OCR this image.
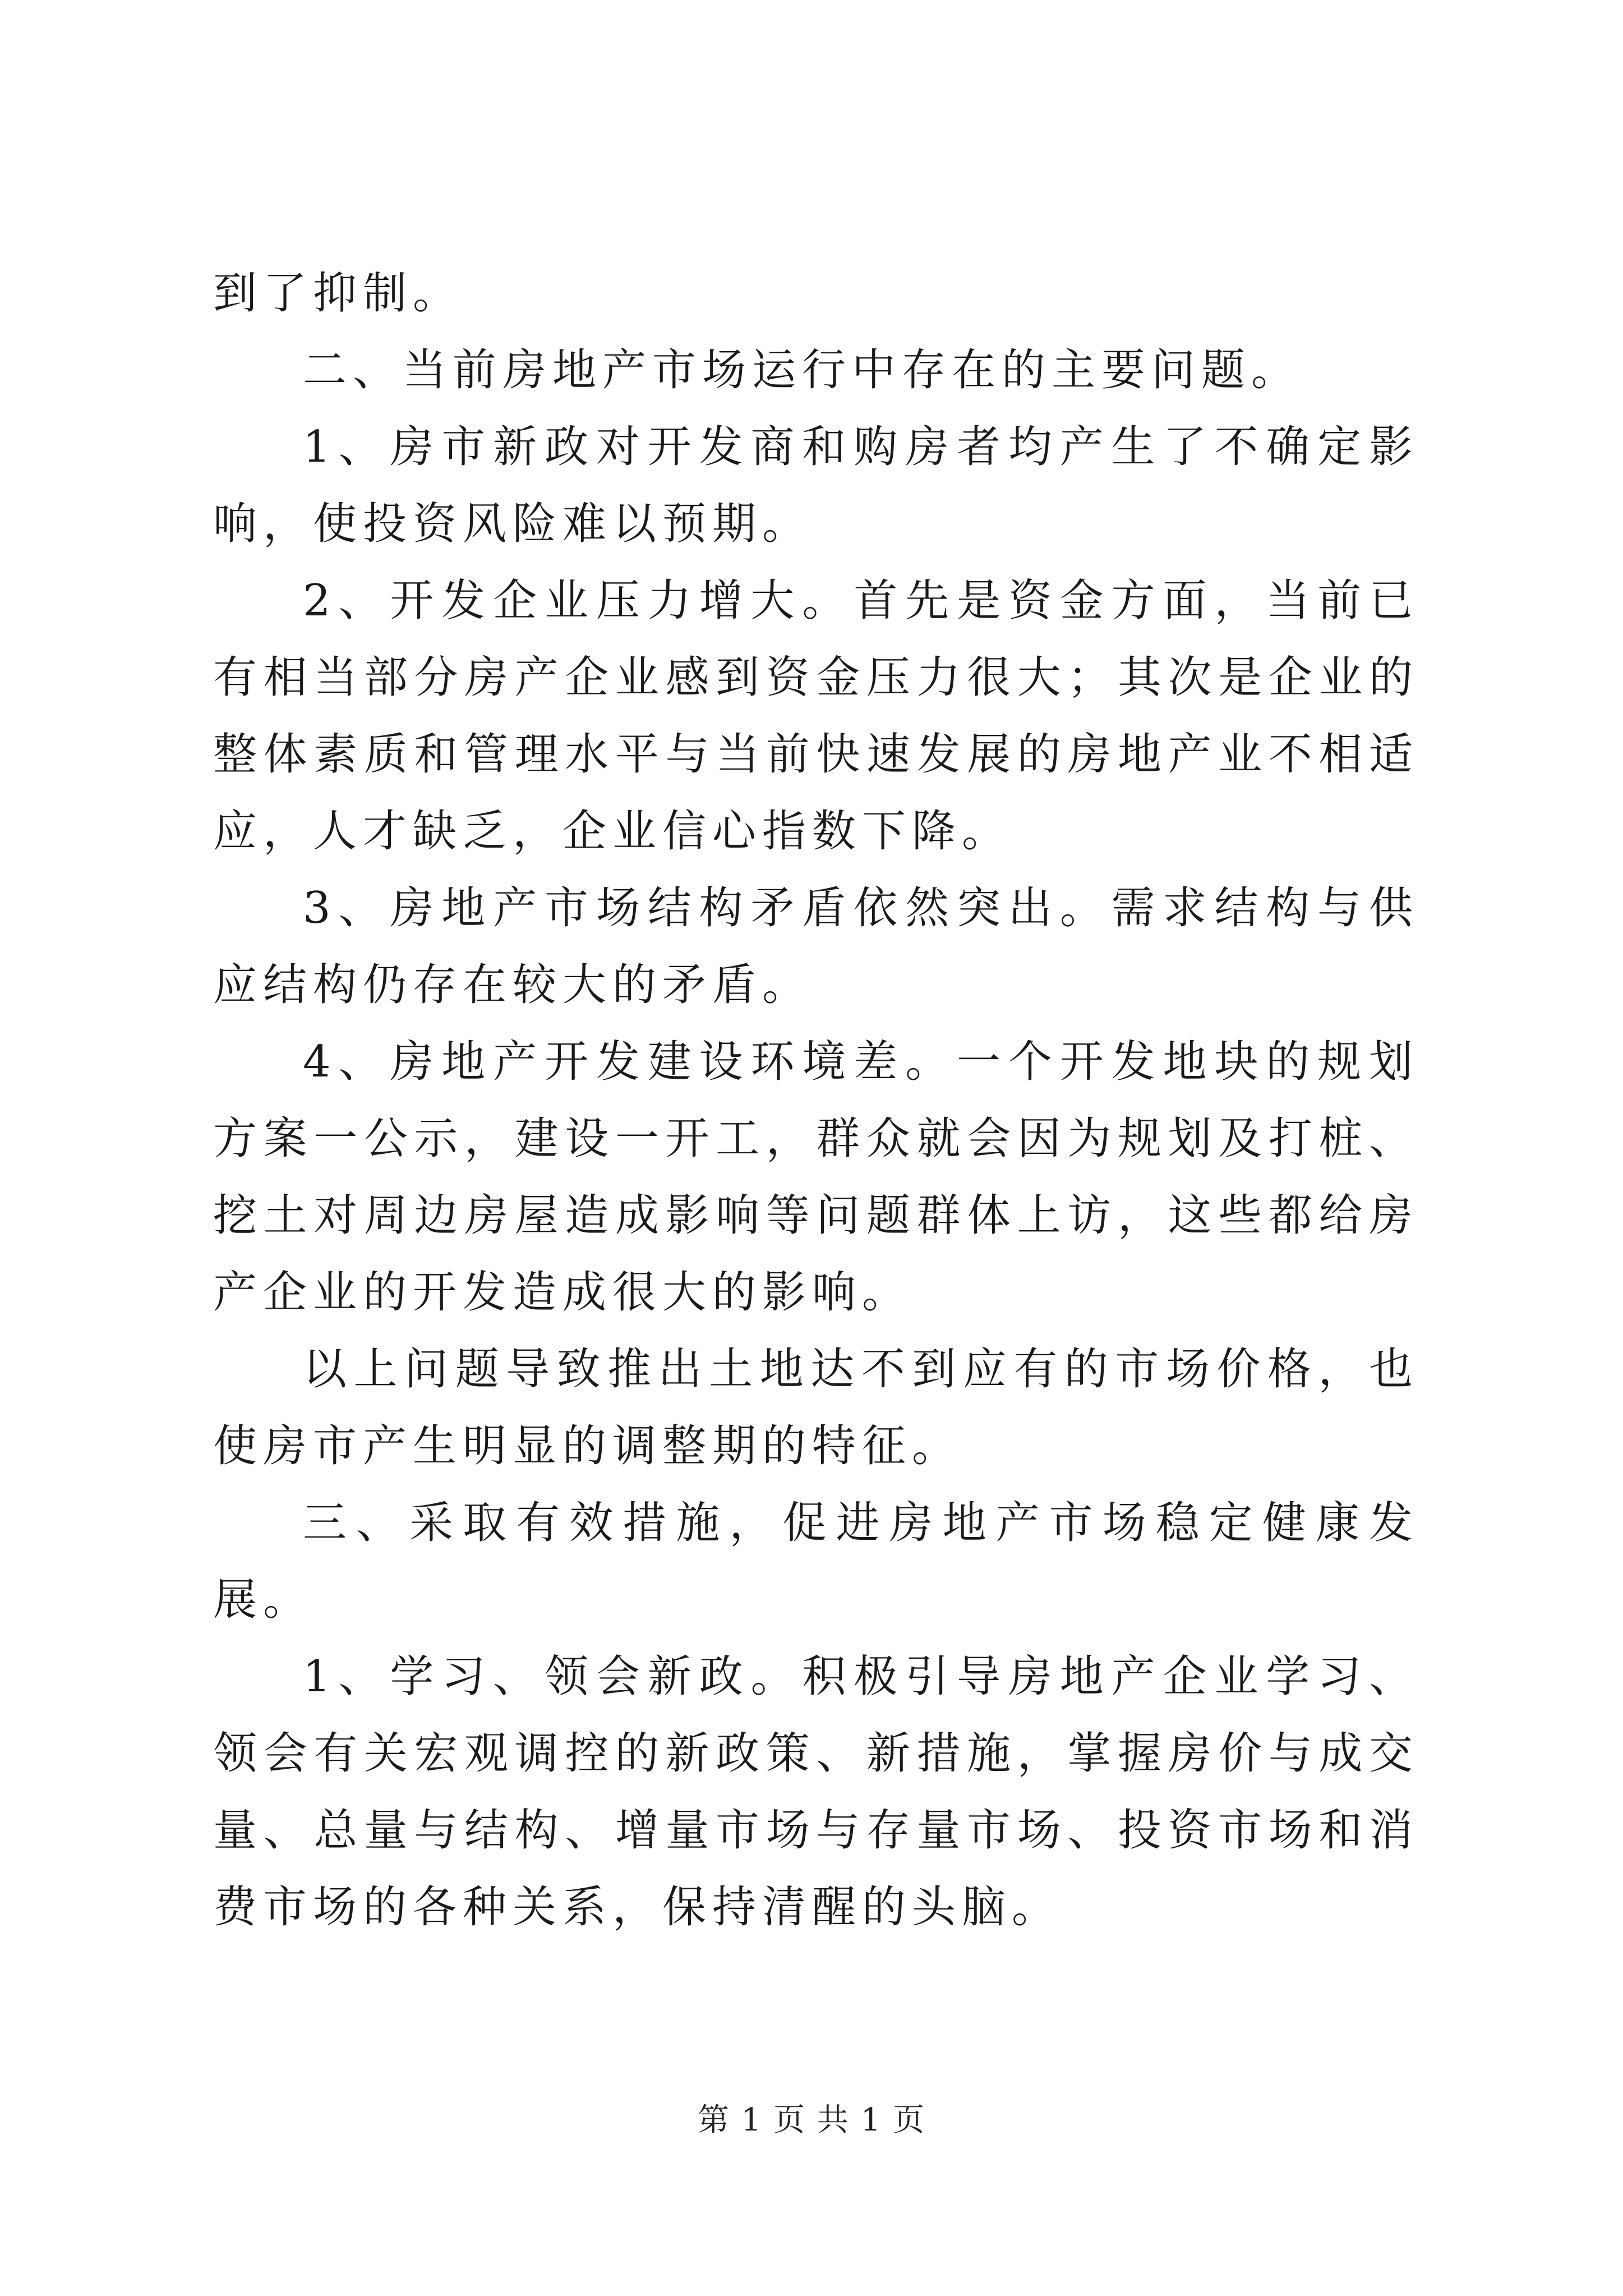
到了抑制。

二、当前房地产市场运行中存在的主要问题。

1、房市新政对开发商和购房者均产生了不确定影响，使投资风险难以预期。

2、开发企业压力增大。首先是资金方面，当前已有相当部分房产企业感到资金压力很大；其次是企业的整体素质和管理水平与当前快速发展的房地产业不相适应，人才缺乏，企业信心指数下降。

3、房地产市场结构矛盾依然突出。需求结构与供应结构仍存在较大的矛盾。

4、房地产开发建设环境差。一个开发地块的规划方案一公示，建设一开工，群众就会因为规划及打桩、挖土对周边房屋造成影响等问题群体上访，这些都给房产企业的开发造成很大的影响。

以上问题导致推出土地达不到应有的市场价格，也使房市产生明显的调整期的特征。

三、采取有效措施，促进房地产市场稳定健康发展。

1、学习、领会新政。积极引导房地产企业学习、领会有关宏观调控的新政策、新措施，掌握房价与成交量、总量与结构、增量市场与存量市场、投资市场和消费市场的各种关系，保持清醒的头脑。

第 1 页 共 1 页
